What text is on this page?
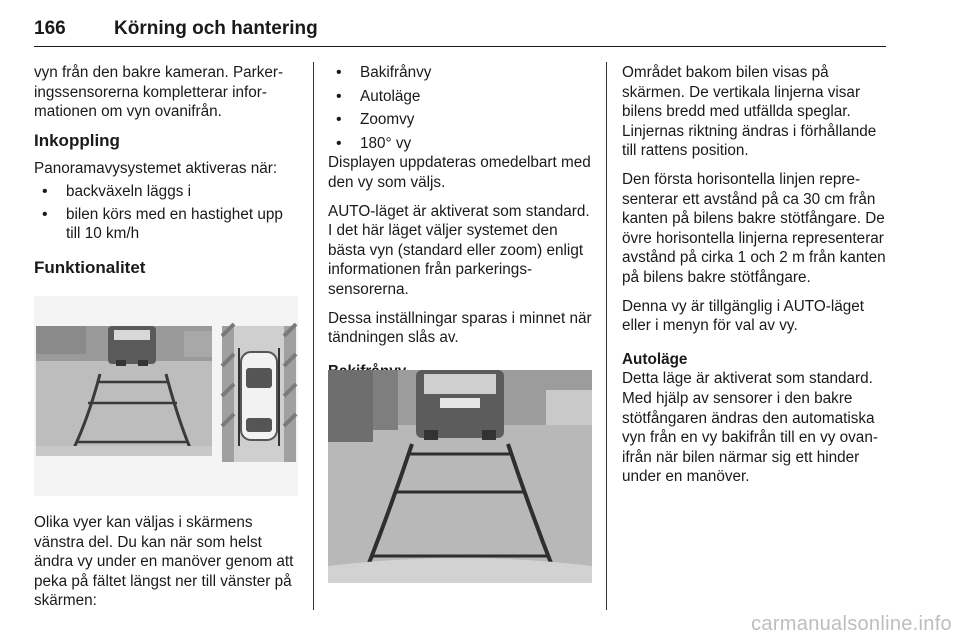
166	Körning och hantering

vyn från den bakre kameran. Parkeringssensorerna kompletterar informationen om vyn ovanifrån.

Inkoppling

Panoramavysystemet aktiveras när:

• backväxeln läggs i
• bilen körs med en hastighet upp till 10 km/h
Funktionalitet
Olika vyer kan väljas i skärmens vänstra del. Du kan när som helst ändra vy under en manöver genom att peka på fältet längst ner till vänster på skärmen:
• Bakifrånvy
• Autoläge
• Zoomvy
• 180° vy

Displayen uppdateras omedelbart med den vy som väljs.

AUTO-läget är aktiverat som standard. I det här läget väljer systemet den bästa vyn (standard eller zoom) enligt informationen från parkeringssensorerna.

Dessa inställningar sparas i minnet när tändningen slås av.

Området bakom bilen visas på skärmen. De vertikala linjerna visar bilens bredd med utfällda speglar. Linjernas riktning ändras i förhållande till rattens position.

Den första horisontella linjen representerar ett avstånd på ca 30 cm från kanten på bilens bakre stötfångare. De övre horisontella linjerna representerar avstånd på cirka 1 och 2 m från kanten på bilens bakre stötfångare.

Denna vy är tillgänglig i AUTO-läget eller i menyn för val av vy.

Autoläge

Detta läge är aktiverat som standard. Med hjälp av sensorer i den bakre stötfångaren ändras den automatiska vyn från en vy bakifrån till en vy ovanifrån när bilen närmar sig ett hinder under en manöver.

carmanualsonline.info
